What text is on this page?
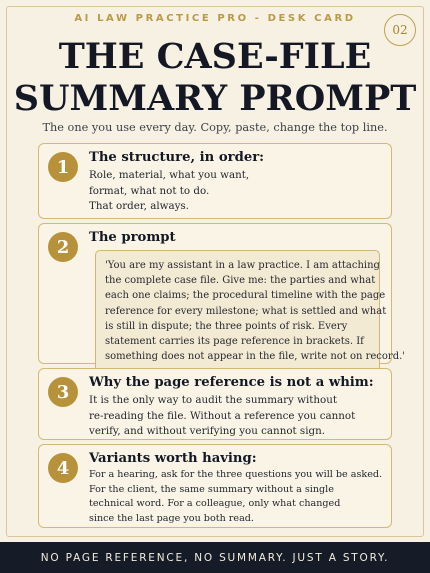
AI LAW PRACTICE PRO - DESK CARD
02
THE CASE-FILE
SUMMARY PROMPT
The one you use every day. Copy, paste, change the top line.
1	The structure, in order:
Role, material, what you want,
format, what not to do.
That order, always.
2	The prompt
'You are my assistant in a law practice. I am attaching
the complete case file. Give me: the parties and what
each one claims; the procedural timeline with the page
reference for every milestone; what is settled and what
is still in dispute; the three points of risk. Every
statement carries its page reference in brackets. If
something does not appear in the file, write not on record.'
3	Why the page reference is not a whim:
It is the only way to audit the summary without
re-reading the file. Without a reference you cannot
verify, and without verifying you cannot sign.
4	Variants worth having:
For a hearing, ask for the three questions you will be asked.
For the client, the same summary without a single
technical word. For a colleague, only what changed
since the last page you both read.
NO PAGE REFERENCE, NO SUMMARY. JUST A STORY.
